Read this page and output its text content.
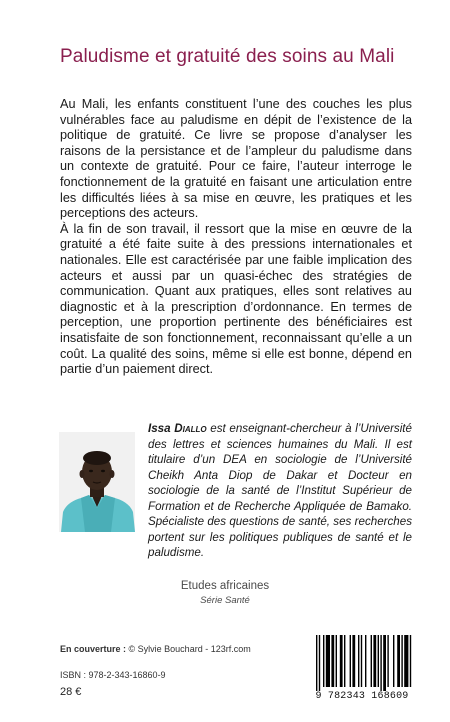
Paludisme et gratuité des soins au Mali

Au Mali, les enfants constituent l’une des couches les plus vulnérables face au paludisme en dépit de l’existence de la politique de gratuité. Ce livre se propose d’analyser les raisons de la persistance et de l’ampleur du paludisme dans un contexte de gratuité. Pour ce faire, l’auteur interroge le fonctionnement de la gratuité en faisant une articulation entre les difficultés liées à sa mise en œuvre, les pratiques et les perceptions des acteurs.

À la fin de son travail, il ressort que la mise en œuvre de la gratuité a été faite suite à des pressions internationales et nationales. Elle est caractérisée par une faible implication des acteurs et aussi par un quasi-échec des stratégies de communication. Quant aux pratiques, elles sont relatives au diagnostic et à la prescription d’ordonnance. En termes de perception, une proportion pertinente des bénéficiaires est insatisfaite de son fonctionnement, reconnaissant qu’elle a un coût. La qualité des soins, même si elle est bonne, dépend en partie d’un paiement direct.

Issa Diallo est enseignant-chercheur à l’Université des lettres et sciences humaines du Mali. Il est titulaire d’un DEA en sociologie de l’Université Cheikh Anta Diop de Dakar et Docteur en sociologie de la santé de l’Institut Supérieur de Formation et de Recherche Appliquée de Bamako. Spécialiste des questions de santé, ses recherches portent sur les politiques publiques de santé et le paludisme.
Etudes africaines
Série Santé
En couverture : © Sylvie Bouchard - 123rf.com
ISBN : 978-2-343-16860-9
28 €	9 782343 168609
